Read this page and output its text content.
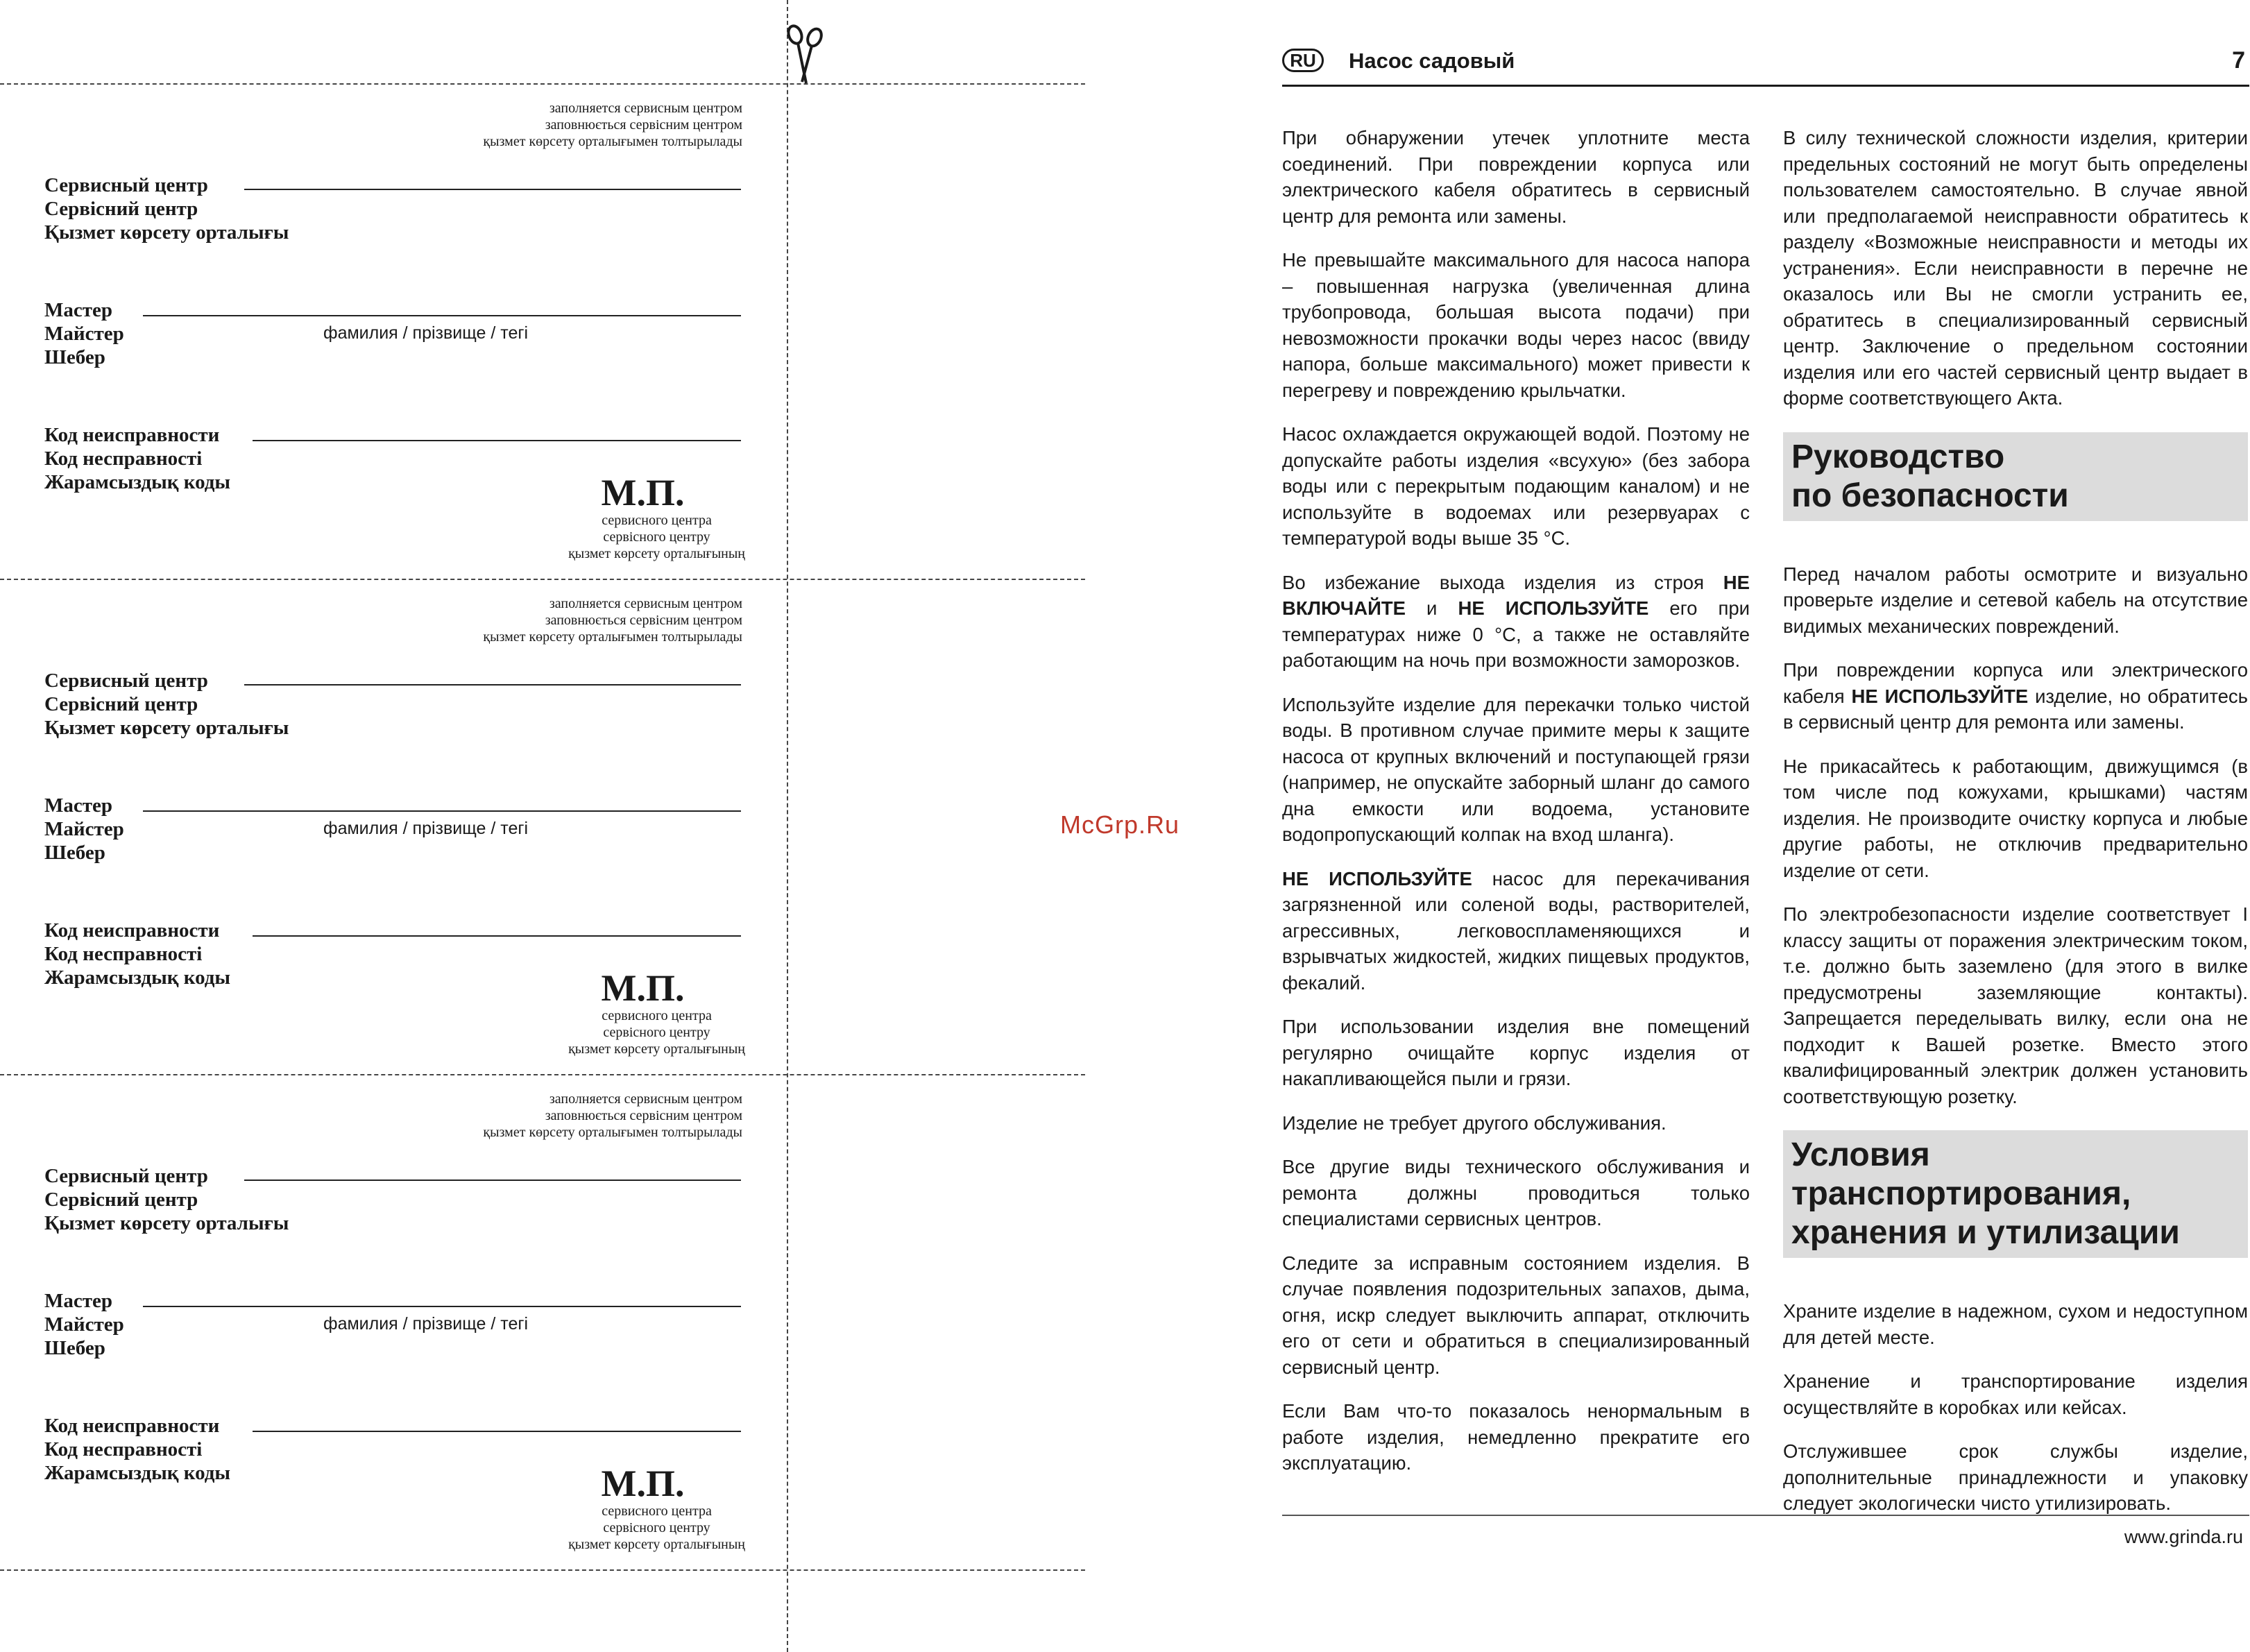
заполняется сервисным центром
заповнюється сервісним центром
қызмет көрсету орталығымен толтырылады
Сервисный центр
Сервісний центр
Қызмет көрсету орталығы
Мастер
Майстер
Шебер
фамилия / прізвище / тегі
Код неисправности
Код несправності
Жарамсыздық коды	М.П.
сервисного центра
сервісного центру
қызмет көрсету орталығының
заполняется сервисным центром
заповнюється сервісним центром
қызмет көрсету орталығымен толтырылады
Сервисный центр
Сервісний центр
Қызмет көрсету орталығы
Мастер
Майстер
Шебер
фамилия / прізвище / тегі
Код неисправности
Код несправності
Жарамсыздық коды	М.П.
сервисного центра
сервісного центру
қызмет көрсету орталығының
заполняется сервисным центром
заповнюється сервісним центром
қызмет көрсету орталығымен толтырылады
Сервисный центр
Сервісний центр
Қызмет көрсету орталығы
Мастер
Майстер
Шебер
фамилия / прізвище / тегі
Код неисправности
Код несправності
Жарамсыздық коды	М.П.
сервисного центра
сервісного центру
қызмет көрсету орталығының
McGrp.Ru
RU	Насос садовый	7

При обнаружении утечек уплотните места соединений. При повреждении корпуса или электрического кабеля обратитесь в сервисный центр для ремонта или замены.

Не превышайте максимального для насоса напора – повышенная нагрузка (увеличенная длина трубопровода, большая высота подачи) при невозможности прокачки воды через насос (ввиду напора, больше максимального) может привести к перегреву и повреждению крыльчатки.

Насос охлаждается окружающей водой. Поэтому не допускайте работы изделия «всухую» (без забора воды или с перекрытым подающим каналом) и не используйте в водоемах или резервуарах с температурой воды выше 35 °С.

Во избежание выхода изделия из строя НЕ ВКЛЮЧАЙТЕ и НЕ ИСПОЛЬЗУЙТЕ его при температурах ниже 0 °С, а также не оставляйте работающим на ночь при возможности заморозков.

Используйте изделие для перекачки только чистой воды. В противном случае примите меры к защите насоса от крупных включений и поступающей грязи (например, не опускайте заборный шланг до самого дна емкости или водоема, установите водопропускающий колпак на вход шланга).

НЕ ИСПОЛЬЗУЙТЕ насос для перекачивания загрязненной или соленой воды, растворителей, агрессивных, легковоспламеняющихся и взрывчатых жидкостей, жидких пищевых продуктов, фекалий.

При использовании изделия вне помещений регулярно очищайте корпус изделия от накапливающейся пыли и грязи.

Изделие не требует другого обслуживания.

Все другие виды технического обслуживания и ремонта должны проводиться только специалистами сервисных центров.

Следите за исправным состоянием изделия. В случае появления подозрительных запахов, дыма, огня, искр следует выключить аппарат, отключить его от сети и обратиться в специализированный сервисный центр.

Если Вам что-то показалось ненормальным в работе изделия, немедленно прекратите его эксплуатацию.

В силу технической сложности изделия, критерии предельных состояний не могут быть определены пользователем самостоятельно. В случае явной или предполагаемой неисправности обратитесь к разделу «Возможные неисправности и методы их устранения». Если неисправности в перечне не оказалось или Вы не смогли устранить ее, обратитесь в специализированный сервисный центр. Заключение о предельном состоянии изделия или его частей сервисный центр выдает в форме соответствующего Акта.

Руководство
по безопасности

Перед началом работы осмотрите и визуально проверьте изделие и сетевой кабель на отсутствие видимых механических повреждений.

При повреждении корпуса или электрического кабеля НЕ ИСПОЛЬЗУЙТЕ изделие, но обратитесь в сервисный центр для ремонта или замены.

Не прикасайтесь к работающим, движущимся (в том числе под кожухами, крышками) частям изделия. Не производите очистку корпуса и любые другие работы, не отключив предварительно изделие от сети.

По электробезопасности изделие соответствует I классу защиты от поражения электрическим током, т.е. должно быть заземлено (для этого в вилке предусмотрены заземляющие контакты). Запрещается переделывать вилку, если она не подходит к Вашей розетке. Вместо этого квалифицированный электрик должен установить соответствующую розетку.

Условия
транспортирования,
хранения и утилизации

Храните изделие в надежном, сухом и недоступном для детей месте.

Хранение и транспортирование изделия осуществляйте в коробках или кейсах.

Отслужившее срок службы изделие, дополнительные принадлежности и упаковку следует экологически чисто утилизировать.

www.grinda.ru
